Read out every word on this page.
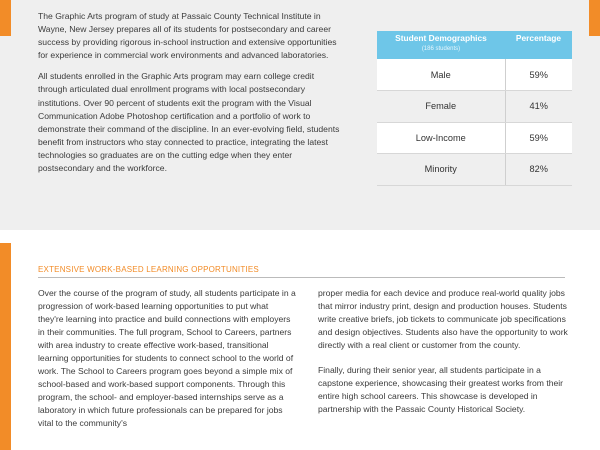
The Graphic Arts program of study at Passaic County Technical Institute in Wayne, New Jersey prepares all of its students for postsecondary and career success by providing rigorous in-school instruction and extensive opportunities for experience in commercial work environments and advanced laboratories.

All students enrolled in the Graphic Arts program may earn college credit through articulated dual enrollment programs with local postsecondary institutions. Over 90 percent of students exit the program with the Visual Communication Adobe Photoshop certification and a portfolio of work to demonstrate their command of the discipline. In an ever-evolving field, students benefit from instructors who stay connected to practice, integrating the latest technologies so graduates are on the cutting edge when they enter postsecondary and the workforce.

Student Demographics	Percentage
(186 students)	
Male	59%
Female	41%
Low-Income	59%
Minority	82%
EXTENSIVE WORK-BASED LEARNING OPPORTUNITIES

Over the course of the program of study, all students participate in a progression of work-based learning opportunities to put what they're learning into practice and build connections with employers in their communities. The full program, School to Careers, partners with area industry to create effective work-based, transitional learning opportunities for students to connect school to the world of work. The School to Careers program goes beyond a simple mix of school-based and work-based support components. Through this program, the school- and employer-based internships serve as a laboratory in which future professionals can be prepared for jobs vital to the community's

proper media for each device and produce real-world quality jobs that mirror industry print, design and production houses. Students write creative briefs, job tickets to communicate job specifications and design objectives. Students also have the opportunity to work directly with a real client or customer from the county.

Finally, during their senior year, all students participate in a capstone experience, showcasing their greatest works from their entire high school careers. This showcase is developed in partnership with the Passaic County Historical Society.
